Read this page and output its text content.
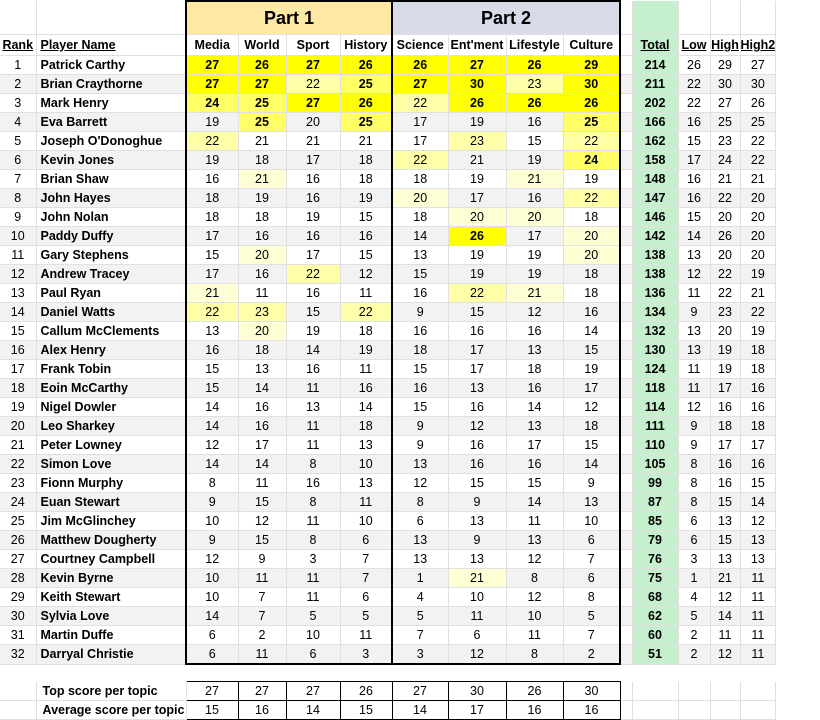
		Part 1				Part 2								
Rank	Player Name	Media	World	Sport	History	Science	Ent'ment	Lifestyle	Culture		Total	Low	High	High2
1	Patrick Carthy	27	26	27	26	26	27	26	29		214	26	29	27
2	Brian Craythorne	27	27	22	25	27	30	23	30		211	22	30	30
3	Mark Henry	24	25	27	26	22	26	26	26		202	22	27	26
4	Eva Barrett	19	25	20	25	17	19	16	25		166	16	25	25
5	Joseph O'Donoghue	22	21	21	21	17	23	15	22		162	15	23	22
6	Kevin Jones	19	18	17	18	22	21	19	24		158	17	24	22
7	Brian Shaw	16	21	16	18	18	19	21	19		148	16	21	21
8	John Hayes	18	19	16	19	20	17	16	22		147	16	22	20
9	John Nolan	18	18	19	15	18	20	20	18		146	15	20	20
10	Paddy Duffy	17	16	16	16	14	26	17	20		142	14	26	20
11	Gary Stephens	15	20	17	15	13	19	19	20		138	13	20	20
12	Andrew Tracey	17	16	22	12	15	19	19	18		138	12	22	19
13	Paul Ryan	21	11	16	11	16	22	21	18		136	11	22	21
14	Daniel Watts	22	23	15	22	9	15	12	16		134	9	23	22
15	Callum McClements	13	20	19	18	16	16	16	14		132	13	20	19
16	Alex Henry	16	18	14	19	18	17	13	15		130	13	19	18
17	Frank Tobin	15	13	16	11	15	17	18	19		124	11	19	18
18	Eoin McCarthy	15	14	11	16	16	13	16	17		118	11	17	16
19	Nigel Dowler	14	16	13	14	15	16	14	12		114	12	16	16
20	Leo Sharkey	14	16	11	18	9	12	13	18		111	9	18	18
21	Peter Lowney	12	17	11	13	9	16	17	15		110	9	17	17
22	Simon Love	14	14	8	10	13	16	16	14		105	8	16	16
23	Fionn Murphy	8	11	16	13	12	15	15	9		99	8	16	15
24	Euan Stewart	9	15	8	11	8	9	14	13		87	8	15	14
25	Jim McGlinchey	10	12	11	10	6	13	11	10		85	6	13	12
26	Matthew Dougherty	9	15	8	6	13	9	13	6		79	6	15	13
27	Courtney Campbell	12	9	3	7	13	13	12	7		76	3	13	13
28	Kevin Byrne	10	11	11	7	1	21	8	6		75	1	21	11
29	Keith Stewart	10	7	11	6	4	10	12	8		68	4	12	11
30	Sylvia Love	14	7	5	5	5	11	10	5		62	5	14	11
31	Martin Duffe	6	2	10	11	7	6	11	7		60	2	11	11
32	Darryal Christie	6	11	6	3	3	12	8	2		51	2	12	11

	Top score per topic	27	27	27	26	27	30	26	30					
	Average score per topic	15	16	14	15	14	17	16	16					
